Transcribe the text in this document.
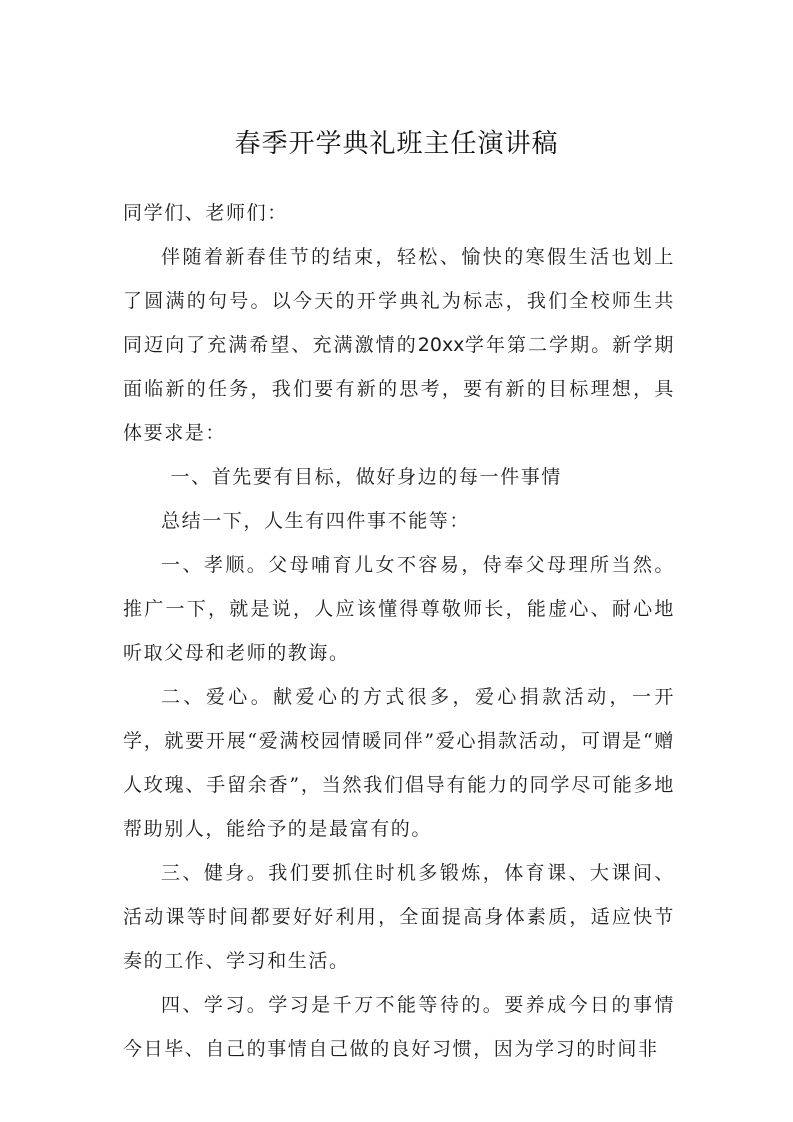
春季开学典礼班主任演讲稿

同学们、老师们：

伴随着新春佳节的结束，轻松、愉快的寒假生活也划上了圆满的句号。以今天的开学典礼为标志，我们全校师生共同迈向了充满希望、充满激情的20xx学年第二学期。新学期面临新的任务，我们要有新的思考，要有新的目标理想，具体要求是：

一、首先要有目标，做好身边的每一件事情

总结一下，人生有四件事不能等：

一、孝顺。父母哺育儿女不容易，侍奉父母理所当然。推广一下，就是说，人应该懂得尊敬师长，能虚心、耐心地听取父母和老师的教诲。

二、爱心。献爱心的方式很多，爱心捐款活动，一开学，就要开展“爱满校园情暖同伴”爱心捐款活动，可谓是“赠人玫瑰、手留余香”，当然我们倡导有能力的同学尽可能多地帮助别人，能给予的是最富有的。

三、健身。我们要抓住时机多锻炼，体育课、大课间、活动课等时间都要好好利用，全面提高身体素质，适应快节奏的工作、学习和生活。

四、学习。学习是千万不能等待的。要养成今日的事情今日毕、自己的事情自己做的良好习惯，因为学习的时间非
